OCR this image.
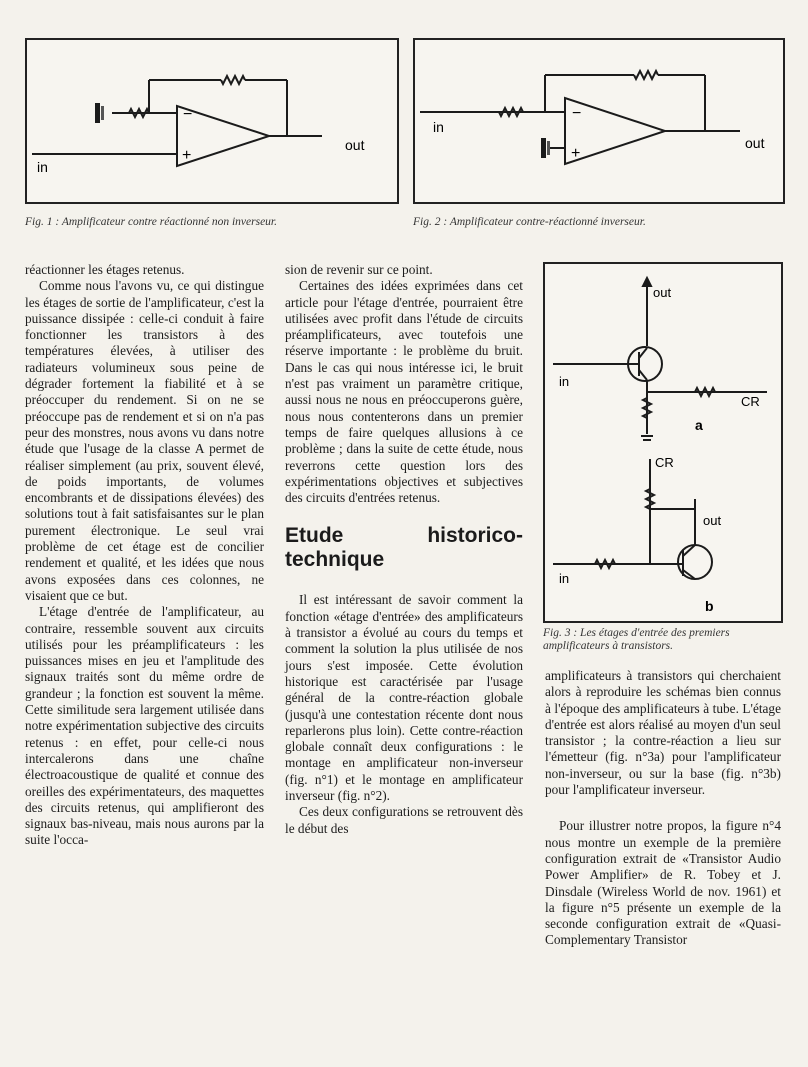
−
+
in
out
Fig. 1 : Amplificateur contre réactionné non inverseur.
−
+
in
out
Fig. 2 : Amplificateur contre-réactionné inverseur.
out
in
CR
a
CR
out
in
b
Fig. 3 : Les étages d'entrée des premiers amplificateurs à transistors.

réactionner les étages retenus.

Comme nous l'avons vu, ce qui distingue les étages de sortie de l'amplificateur, c'est la puissance dissipée : celle-ci conduit à faire fonctionner les transistors à des températures élevées, à utiliser des radiateurs volumineux sous peine de dégrader fortement la fiabilité et à se préoccuper du rendement. Si on ne se préoccupe pas de rendement et si on n'a pas peur des monstres, nous avons vu dans notre étude que l'usage de la classe A permet de réaliser simplement (au prix, souvent élevé, de poids importants, de volumes encombrants et de dissipations élevées) des solutions tout à fait satisfaisantes sur le plan purement électronique. Le seul vrai problème de cet étage est de concilier rendement et qualité, et les idées que nous avons exposées dans ces colonnes, ne visaient que ce but.

L'étage d'entrée de l'amplificateur, au contraire, ressemble souvent aux circuits utilisés pour les préamplificateurs : les puissances mises en jeu et l'amplitude des signaux traités sont du même ordre de grandeur ; la fonction est souvent la même. Cette similitude sera largement utilisée dans notre expérimentation subjective des circuits retenus : en effet, pour celle-ci nous intercalerons dans une chaîne électroacoustique de qualité et connue des oreilles des expérimentateurs, des maquettes des circuits retenus, qui amplifieront des signaux bas-niveau, mais nous aurons par la suite l'occa-

sion de revenir sur ce point.

Certaines des idées exprimées dans cet article pour l'étage d'entrée, pourraient être utilisées avec profit dans l'étude de circuits préamplificateurs, avec toutefois une réserve importante : le problème du bruit. Dans le cas qui nous intéresse ici, le bruit n'est pas vraiment un paramètre critique, aussi nous ne nous en préoccuperons guère, nous nous contenterons dans un premier temps de faire quelques allusions à ce problème ; dans la suite de cette étude, nous reverrons cette question lors des expérimentations objectives et subjectives des circuits d'entrées retenus.

Etude historico-technique

Il est intéressant de savoir comment la fonction «étage d'entrée» des amplificateurs à transistor a évolué au cours du temps et comment la solution la plus utilisée de nos jours s'est imposée. Cette évolution historique est caractérisée par l'usage général de la contre-réaction globale (jusqu'à une contestation récente dont nous reparlerons plus loin). Cette contre-réaction globale connaît deux configurations : le montage en amplificateur non-inverseur (fig. n°1) et le montage en amplificateur inverseur (fig. n°2).

Ces deux configurations se retrouvent dès le début des

amplificateurs à transistors qui cherchaient alors à reproduire les schémas bien connus à l'époque des amplificateurs à tube. L'étage d'entrée est alors réalisé au moyen d'un seul transistor ; la contre-réaction a lieu sur l'émetteur (fig. n°3a) pour l'amplificateur non-inverseur, ou sur la base (fig. n°3b) pour l'amplificateur inverseur.

Pour illustrer notre propos, la figure n°4 nous montre un exemple de la première configuration extrait de «Transistor Audio Power Amplifier» de R. Tobey et J. Dinsdale (Wireless World de nov. 1961) et la figure n°5 présente un exemple de la seconde configuration extrait de «Quasi-Complementary Transistor
